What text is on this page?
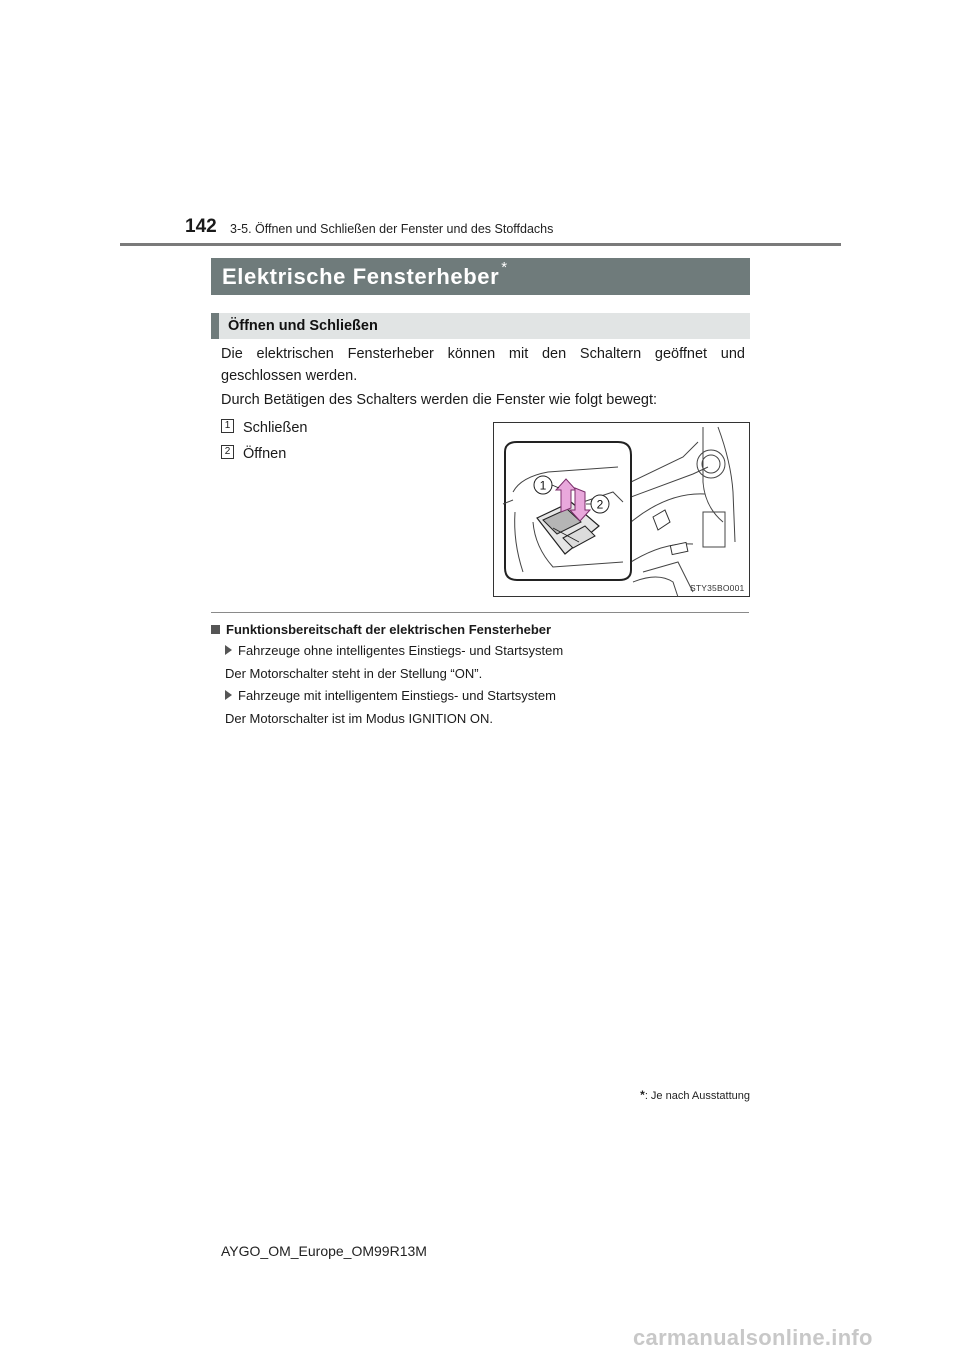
142 3-5. Öffnen und Schließen der Fenster und des Stoffdachs
Elektrische Fensterheber *
Öffnen und Schließen
Die elektrischen Fensterheber können mit den Schaltern geöffnet und geschlossen werden.
Durch Betätigen des Schalters werden die Fenster wie folgt bewegt:
1 Schließen
2 Öffnen
1
2
STY35BO001
Funktionsbereitschaft der elektrischen Fensterheber
Fahrzeuge ohne intelligentes Einstiegs- und Startsystem
Der Motorschalter steht in der Stellung “ON”.
Fahrzeuge mit intelligentem Einstiegs- und Startsystem
Der Motorschalter ist im Modus IGNITION ON.
*: Je nach Ausstattung
AYGO_OM_Europe_OM99R13M
carmanualsonline.info
